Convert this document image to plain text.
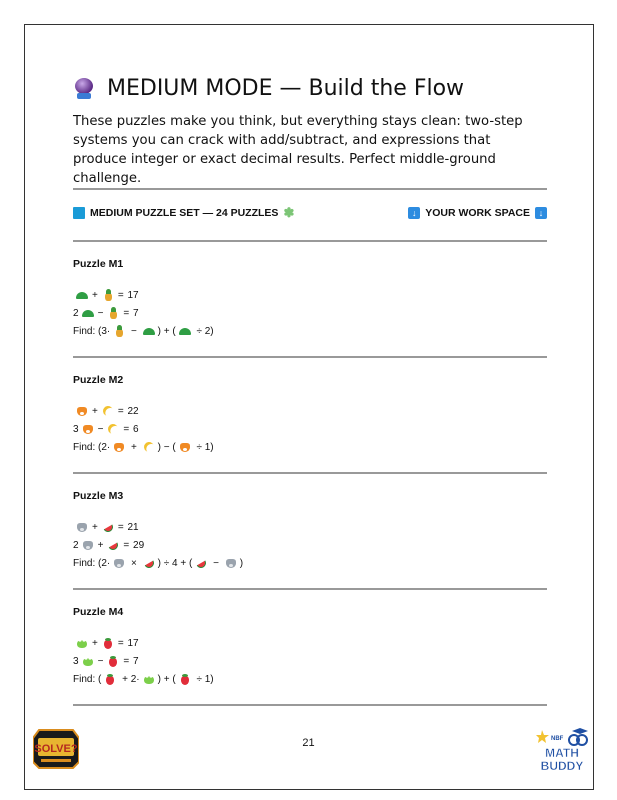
MEDIUM MODE — Build the Flow
These puzzles make you think, but everything stays clean: two-step systems you can crack with add/subtract, and expressions that produce integer or exact decimal results. Perfect middle-ground challenge.
MEDIUM PUZZLE SET — 24 PUZZLES ✽	↓ YOUR WORK SPACE ↓
Puzzle M1
+ = 17
2 − = 7
Find: (3· − ) + ( ÷ 2)
Puzzle M2
+ = 22
3 − = 6
Find: (2· + ) − ( ÷ 1)
Puzzle M3
+ = 21
2 + = 29
Find: (2· × ) ÷ 4 + ( − )
Puzzle M4
+ = 17
3 − = 7
Find: ( + 2· ) + ( ÷ 1)
21
SOLVE?
NBF
MATH
BUDDY
